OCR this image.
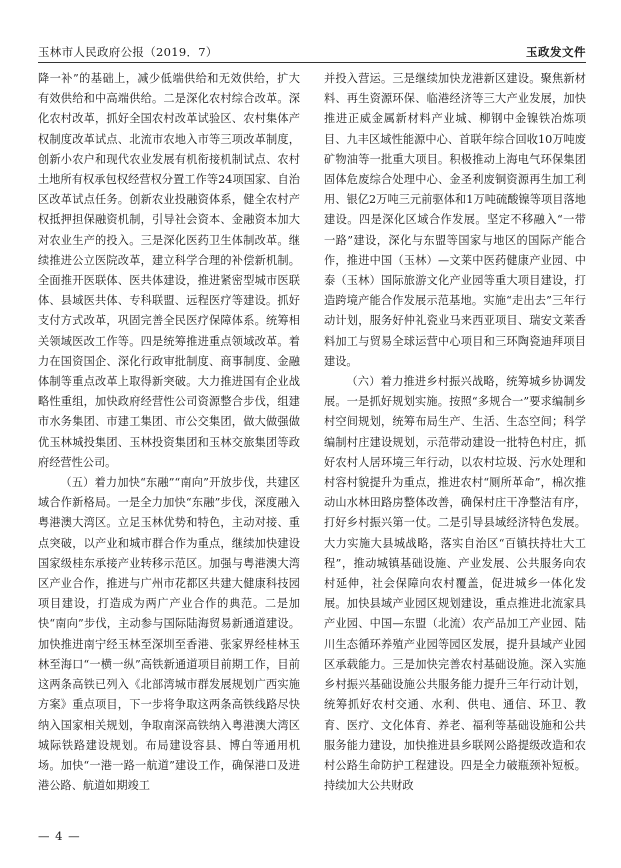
玉林市人民政府公报（2019．7）	玉政发文件

降一补”的基础上，减少低端供给和无效供给，扩大有效供给和中高端供给。二是深化农村综合改革。深化农村改革，抓好全国农村改革试验区、农村集体产权制度改革试点、北流市农地入市等三项改革制度，创新小农户和现代农业发展有机衔接机制试点、农村土地所有权承包权经营权分置工作等24项国家、自治区改革试点任务。创新农业投融资体系，健全农村产权抵押担保融资机制，引导社会资本、金融资本加大对农业生产的投入。三是深化医药卫生体制改革。继续推进公立医院改革，建立科学合理的补偿新机制。全面推开医联体、医共体建设，推进紧密型城市医联体、县域医共体、专科联盟、远程医疗等建设。抓好支付方式改革，巩固完善全民医疗保障体系。统筹相关领域医改工作等。四是统筹推进重点领域改革。着力在国资国企、深化行政审批制度、商事制度、金融体制等重点改革上取得新突破。大力推进国有企业战略性重组，加快政府经营性公司资源整合步伐，组建市水务集团、市建工集团、市公交集团，做大做强做优玉林城投集团、玉林投资集团和玉林交旅集团等政府经营性公司。

（五）着力加快“东融”“南向”开放步伐，共建区域合作新格局。一是全力加快“东融”步伐，深度融入粤港澳大湾区。立足玉林优势和特色，主动对接、重点突破，以产业和城市群合作为重点，继续加快建设国家级桂东承接产业转移示范区。加强与粤港澳大湾区产业合作，推进与广州市花都区共建大健康科技园项目建设，打造成为两广产业合作的典范。二是加快“南向”步伐，主动参与国际陆海贸易新通道建设。加快推进南宁经玉林至深圳至香港、张家界经桂林玉林至海口“一横一纵”高铁新通道项目前期工作，目前这两条高铁已列入《北部湾城市群发展规划广西实施方案》重点项目，下一步将争取这两条高铁线路尽快纳入国家相关规划，争取南深高铁纳入粤港澳大湾区城际铁路建设规划。布局建设容县、博白等通用机场。加快“一港一路一航道”建设工作，确保港口及进港公路、航道如期竣工

并投入营运。三是继续加快龙港新区建设。聚焦新材料、再生资源环保、临港经济等三大产业发展，加快推进正威金属新材料产业城、柳钢中金镍铁冶炼项目、九丰区域性能源中心、首联年综合回收10万吨废矿物油等一批重大项目。积极推动上海电气环保集团固体危废综合处理中心、金圣利废铜资源再生加工利用、银亿2万吨三元前驱体和1万吨硫酸镍等项目落地建设。四是深化区域合作发展。坚定不移融入“一带一路”建设，深化与东盟等国家与地区的国际产能合作，推进中国（玉林）—文莱中医药健康产业园、中泰（玉林）国际旅游文化产业园等重大项目建设，打造跨境产能合作发展示范基地。实施“走出去”三年行动计划，服务好仲礼瓷业马来西亚项目、瑞安文莱香料加工与贸易全球运营中心项目和三环陶瓷迪拜项目建设。

（六）着力推进乡村振兴战略，统筹城乡协调发展。一是抓好规划实施。按照“多规合一”要求编制乡村空间规划，统筹布局生产、生活、生态空间；科学编制村庄建设规划，示范带动建设一批特色村庄，抓好农村人居环境三年行动，以农村垃圾、污水处理和村容村貌提升为重点，推进农村“厕所革命”，棉次推动山水林田路房整体改善，确保村庄干净整洁有序，打好乡村振兴第一仗。二是引导县域经济特色发展。大力实施大县城战略，落实自治区“百镇扶持壮大工程”，推动城镇基础设施、产业发展、公共服务向农村延伸，社会保障向农村覆盖，促进城乡一体化发展。加快县域产业园区规划建设，重点推进北流家具产业园、中国—东盟（北流）农产品加工产业园、陆川生态循环养殖产业园等园区发展，提升县域产业园区承载能力。三是加快完善农村基础设施。深入实施乡村振兴基础设施公共服务能力提升三年行动计划，统筹抓好农村交通、水利、供电、通信、环卫、教育、医疗、文化体育、养老、福利等基础设施和公共服务能力建设，加快推进县乡联网公路提级改造和农村公路生命防护工程建设。四是全力破瓶颈补短板。持续加大公共财政

— 4 —
